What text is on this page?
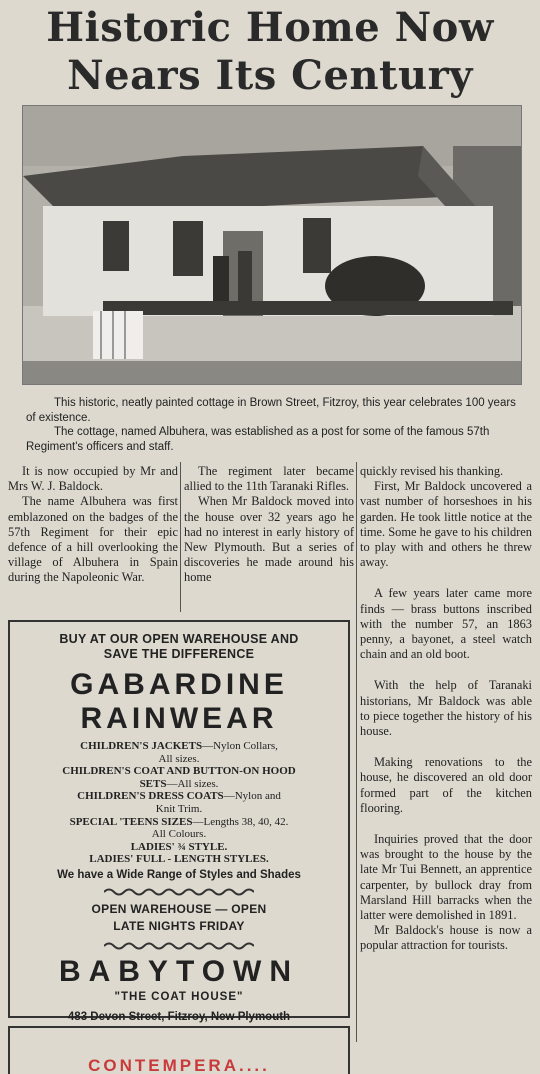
Historic Home Now
Nears Its Century

This historic, neatly painted cottage in Brown Street, Fitzroy, this year celebrates 100 years of existence.

The cottage, named Albuhera, was established as a post for some of the famous 57th Regiment's officers and staff.

It is now occupied by Mr and Mrs W. J. Baldock.

The name Albuhera was first emblazoned on the badges of the 57th Regiment for their epic defence of a hill overlooking the village of Albuhera in Spain during the Napoleonic War.

The regiment later became allied to the 11th Taranaki Rifles.

When Mr Baldock moved into the house over 32 years ago he had no interest in early history of New Plymouth. But a series of discoveries he made around his home

quickly revised his thanking.

First, Mr Baldock uncovered a vast number of horseshoes in his garden. He took little notice at the time. Some he gave to his children to play with and others he threw away.

A few years later came more finds — brass buttons inscribed with the number 57, an 1863 penny, a bayonet, a steel watch chain and an old boot.

With the help of Taranaki historians, Mr Baldock was able to piece together the history of his house.

Making renovations to the house, he discovered an old door formed part of the kitchen flooring.

Inquiries proved that the door was brought to the house by the late Mr Tui Bennett, an apprentice carpenter, by bullock dray from Marsland Hill barracks when the latter were demolished in 1891.

Mr Baldock's house is now a popular attraction for tourists.

BUY AT OUR OPEN WAREHOUSE AND
SAVE THE DIFFERENCE
GABARDINE
RAINWEAR
CHILDREN'S JACKETS—Nylon Collars,
All sizes.
CHILDREN'S COAT AND BUTTON-ON HOOD
SETS—All sizes.
CHILDREN'S DRESS COATS—Nylon and
Knit Trim.
SPECIAL 'TEENS SIZES—Lengths 38, 40, 42.
All Colours.
LADIES' ¾ STYLE.
LADIES' FULL - LENGTH STYLES.
We have a Wide Range of Styles and Shades
OPEN WAREHOUSE — OPEN
LATE NIGHTS FRIDAY
BABYTOWN
"THE COAT HOUSE"
483 Devon Street, Fitzroy, New Plymouth
CONTEMPERA....
